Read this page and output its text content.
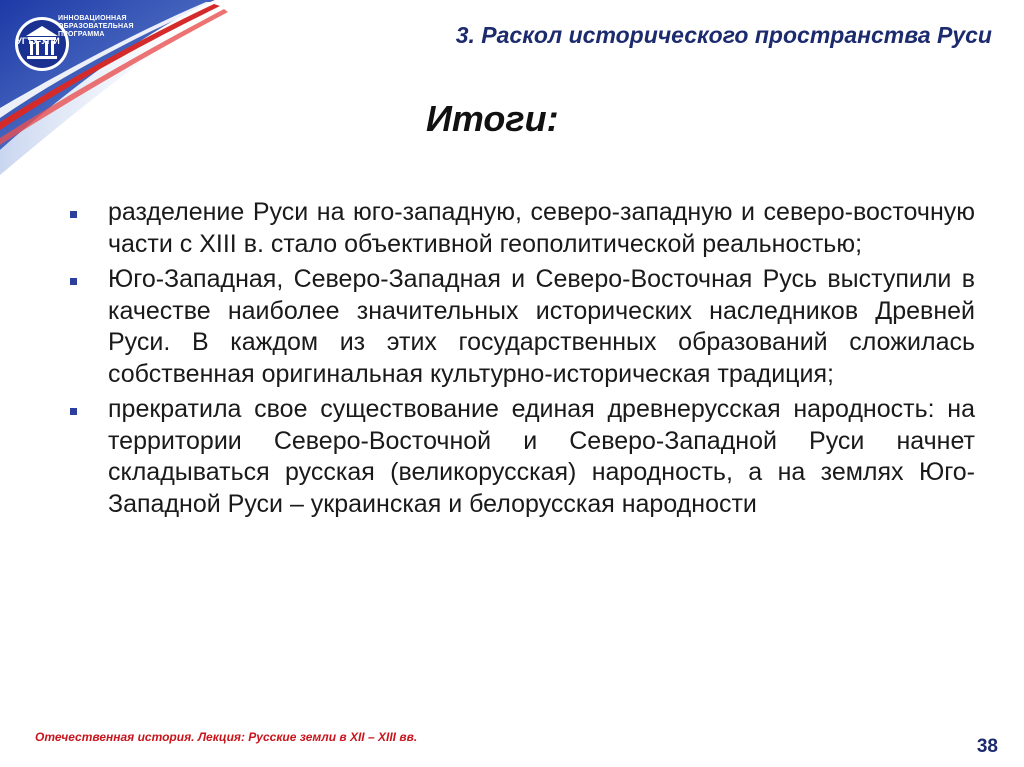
ИННОВАЦИОННАЯ
ОБРАЗОВАТЕЛЬНАЯ
ПРОГРАММА
УГТУ-УПИ	3. Раскол исторического пространства Руси
Итоги:
разделение Руси на юго-западную, северо-западную и северо-восточную части с XIII в. стало объективной геополитической реальностью;
Юго-Западная, Северо-Западная и Северо-Восточная Русь выступили в качестве наиболее значительных исторических наследников Древней Руси. В каждом из этих государственных образований сложилась собственная оригинальная культурно-историческая традиция;
прекратила свое существование единая древнерусская народность: на территории Северо-Восточной и Северо-Западной Руси начнет складываться русская (великорусская) народность, а на землях Юго-Западной Руси – украинская и белорусская народности
Отечественная история. Лекция: Русские земли в XII – XIII вв.	38
